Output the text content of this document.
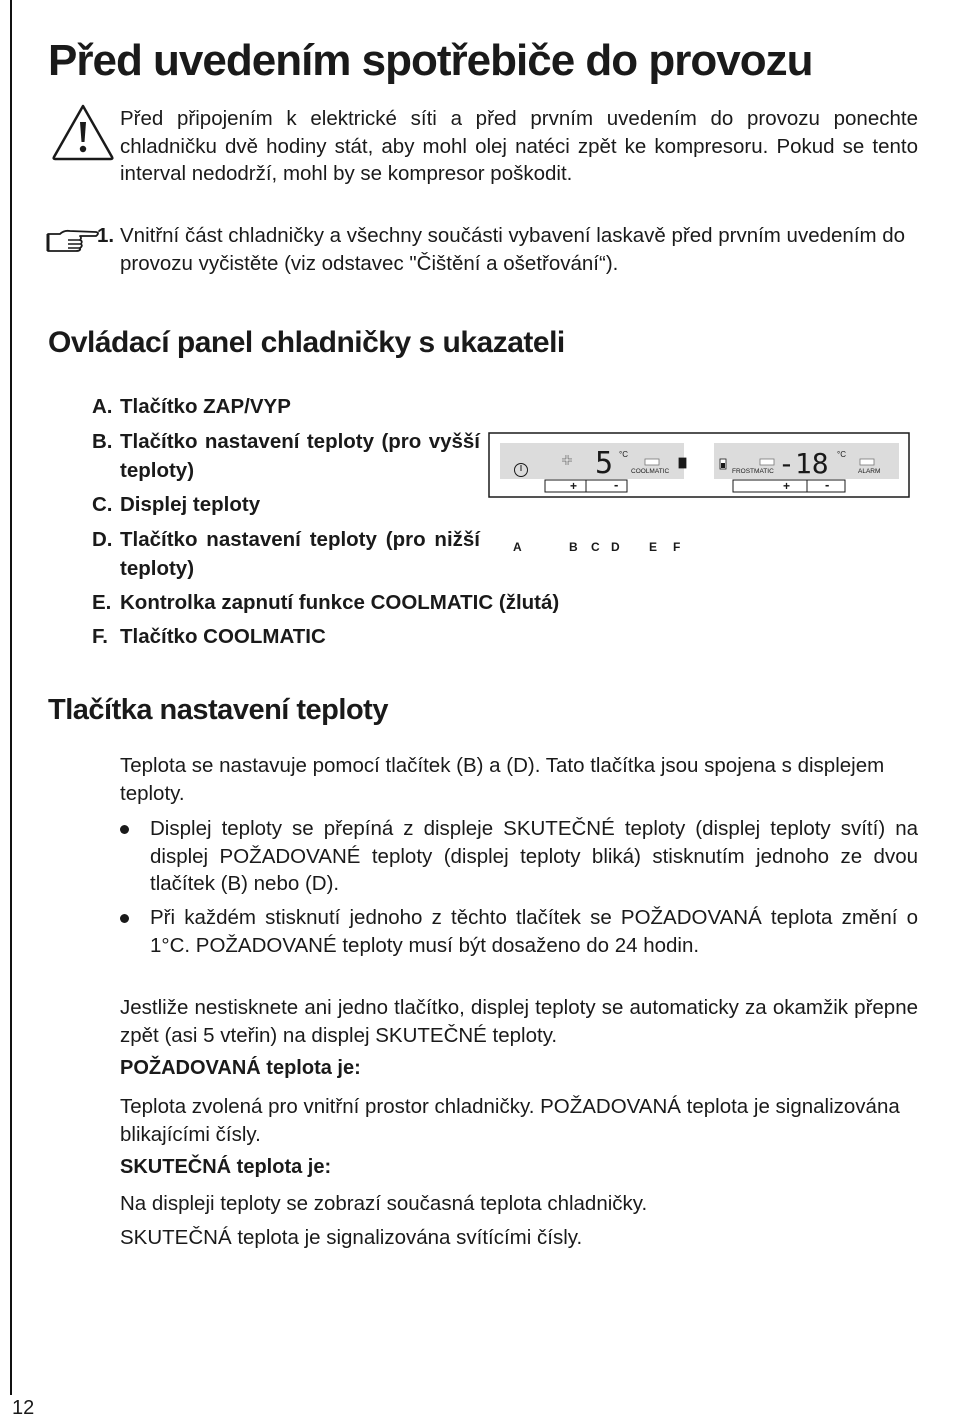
Před uvedením spotřebiče do provozu

Před připojením k elektrické síti a před prvním uvedením do provozu ponechte chladničku dvě hodiny stát, aby mohl olej natéci zpět ke kompresoru. Pokud se tento interval nedodrží, mohl by se kompresor poškodit.

1. Vnitřní část chladničky a všechny součásti vybavení laskavě před prvním uvedením do provozu vyčistěte (viz odstavec "Čištění a ošetřování“).

Ovládací panel chladničky s ukazateli
A. Tlačítko ZAP/VYP
B. Tlačítko nastavení teploty (pro vyšší teploty)
C. Displej teploty
D. Tlačítko nastavení teploty (pro nižší teploty)
E. Kontrolka zapnutí funkce COOLMATIC (žlutá)
F. Tlačítko COOLMATIC
5 °C
COOLMATIC
+	-
FROSTMATIC -18 °C
ALARM
+	-
A	B C D E F
Tlačítka nastavení teploty

Teplota se nastavuje pomocí tlačítek (B) a (D). Tato tlačítka jsou spojena s displejem teploty.

Displej teploty se přepíná z displeje SKUTEČNÉ teploty (displej teploty svítí) na displej POŽADOVANÉ teploty (displej teploty bliká) stisknutím jednoho ze dvou tlačítek (B) nebo (D).
Při každém stisknutí jednoho z těchto tlačítek se POŽADOVANÁ teplota změní o 1°C. POŽADOVANÉ teploty musí být dosaženo do 24 hodin.

Jestliže nestisknete ani jedno tlačítko, displej teploty se automaticky za okamžik přepne zpět (asi 5 vteřin) na displej SKUTEČNÉ teploty.

POŽADOVANÁ teplota je:

Teplota zvolená pro vnitřní prostor chladničky. POŽADOVANÁ teplota je signalizována blikajícími čísly.

SKUTEČNÁ teplota je:

Na displeji teploty se zobrazí současná teplota chladničky.

SKUTEČNÁ teplota je signalizována svítícími čísly.

12
